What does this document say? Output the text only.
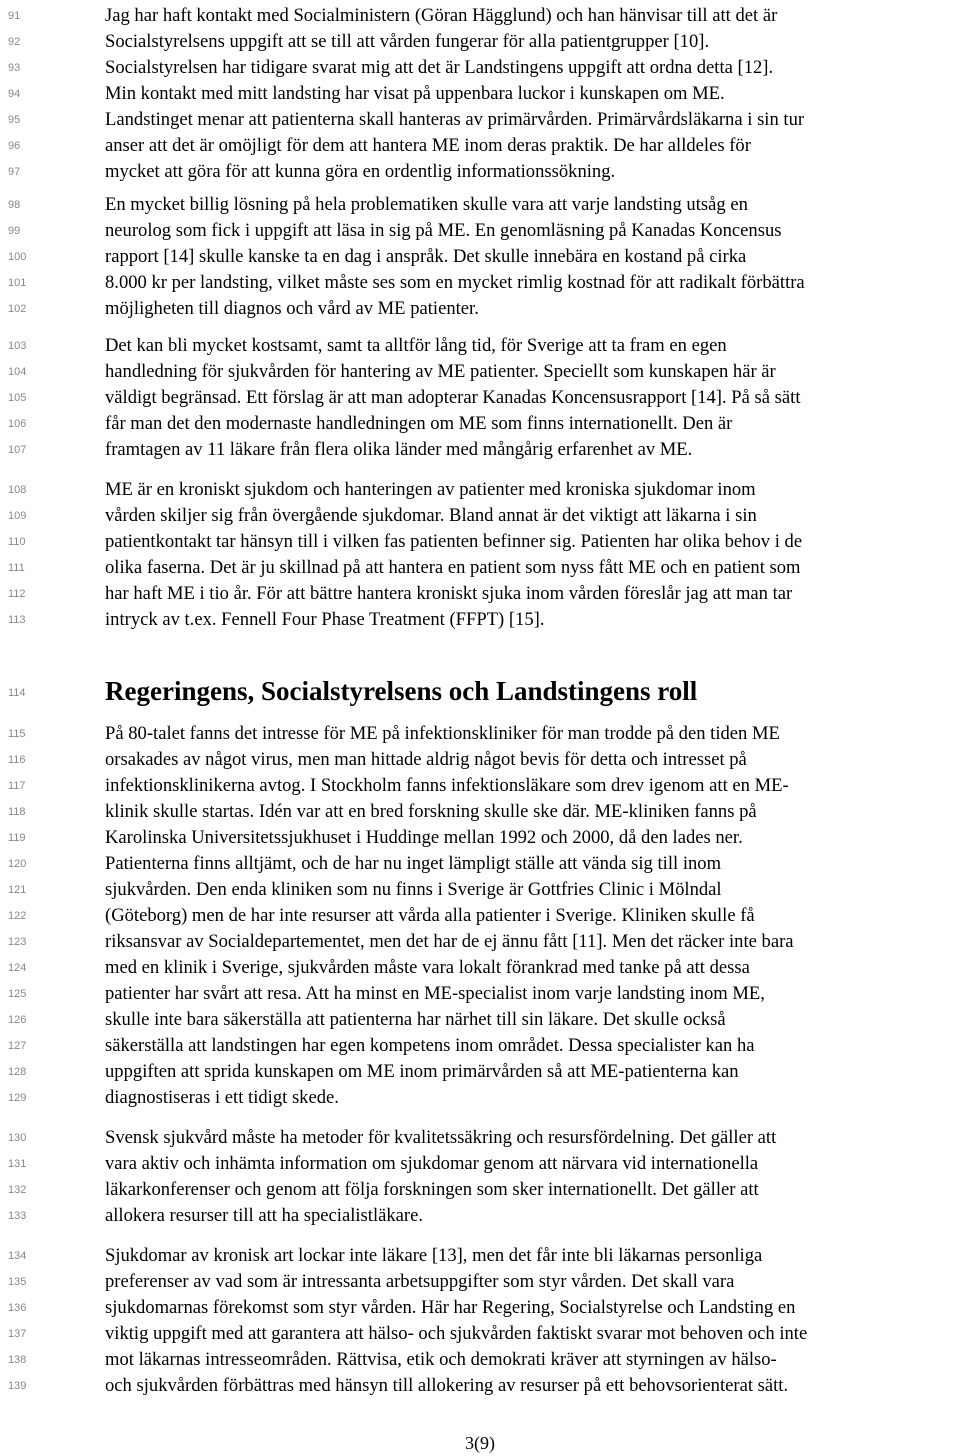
91	Jag har haft kontakt med Socialministern (Göran Hägglund) och han hänvisar till att det är
92	Socialstyrelsens uppgift att se till att vården fungerar för alla patientgrupper [10].
93	Socialstyrelsen har tidigare svarat mig att det är Landstingens uppgift att ordna detta [12].
94	Min kontakt med mitt landsting har visat på uppenbara luckor i kunskapen om ME.
95	Landstinget menar att patienterna skall hanteras av primärvården. Primärvårdsläkarna i sin tur
96	anser att det är omöjligt för dem att hantera ME inom deras praktik. De har alldeles för
97	mycket att göra för att kunna göra en ordentlig informationssökning.
98	En mycket billig lösning på hela problematiken skulle vara att varje landsting utsåg en
99	neurolog som fick i uppgift att läsa in sig på ME. En genomläsning på Kanadas Koncensus
100	rapport [14] skulle kanske ta en dag i anspråk. Det skulle innebära en kostand på cirka
101	8.000 kr per landsting, vilket måste ses som en mycket rimlig kostnad för att radikalt förbättra
102	möjligheten till diagnos och vård av ME patienter.
103	Det kan bli mycket kostsamt, samt ta alltför lång tid, för Sverige att ta fram en egen
104	handledning för sjukvården för hantering av ME patienter. Speciellt som kunskapen här är
105	väldigt begränsad. Ett förslag är att man adopterar Kanadas Koncensusrapport [14]. På så sätt
106	får man det den modernaste handledningen om ME som finns internationellt. Den är
107	framtagen av 11 läkare från flera olika länder med mångårig erfarenhet av ME.
108	ME är en kroniskt sjukdom och hanteringen av patienter med kroniska sjukdomar inom
109	vården skiljer sig från övergående sjukdomar. Bland annat är det viktigt att läkarna i sin
110	patientkontakt tar hänsyn till i vilken fas patienten befinner sig. Patienten har olika behov i de
111	olika faserna. Det är ju skillnad på att hantera en patient som nyss fått ME och en patient som
112	har haft ME i tio år. För att bättre hantera kroniskt sjuka inom vården föreslår jag att man tar
113	intryck av t.ex. Fennell Four Phase Treatment (FFPT) [15].
114	Regeringens, Socialstyrelsens och Landstingens roll
115	På 80-talet fanns det intresse för ME på infektionskliniker för man trodde på den tiden ME
116	orsakades av något virus, men man hittade aldrig något bevis för detta och intresset på
117	infektionsklinikerna avtog. I Stockholm fanns infektionsläkare som drev igenom att en ME-
118	klinik skulle startas. Idén var att en bred forskning skulle ske där. ME-kliniken fanns på
119	Karolinska Universitetssjukhuset i Huddinge mellan 1992 och 2000, då den lades ner.
120	Patienterna finns alltjämt, och de har nu inget lämpligt ställe att vända sig till inom
121	sjukvården. Den enda kliniken som nu finns i Sverige är Gottfries Clinic i Mölndal
122	(Göteborg) men de har inte resurser att vårda alla patienter i Sverige. Kliniken skulle få
123	riksansvar av Socialdepartementet, men det har de ej ännu fått [11]. Men det räcker inte bara
124	med en klinik i Sverige, sjukvården måste vara lokalt förankrad med tanke på att dessa
125	patienter har svårt att resa. Att ha minst en ME-specialist inom varje landsting inom ME,
126	skulle inte bara säkerställa att patienterna har närhet till sin läkare. Det skulle också
127	säkerställa att landstingen har egen kompetens inom området. Dessa specialister kan ha
128	uppgiften att sprida kunskapen om ME inom primärvården så att ME-patienterna kan
129	diagnostiseras i ett tidigt skede.
130	Svensk sjukvård måste ha metoder för kvalitetssäkring och resursfördelning. Det gäller att
131	vara aktiv och inhämta information om sjukdomar genom att närvara vid internationella
132	läkarkonferenser och genom att följa forskningen som sker internationellt. Det gäller att
133	allokera resurser till att ha specialistläkare.
134	Sjukdomar av kronisk art lockar inte läkare [13], men det får inte bli läkarnas personliga
135	preferenser av vad som är intressanta arbetsuppgifter som styr vården. Det skall vara
136	sjukdomarnas förekomst som styr vården. Här har Regering, Socialstyrelse och Landsting en
137	viktig uppgift med att garantera att hälso- och sjukvården faktiskt svarar mot behoven och inte
138	mot läkarnas intresseområden. Rättvisa, etik och demokrati kräver att styrningen av hälso-
139	och sjukvården förbättras med hänsyn till allokering av resurser på ett behovsorienterat sätt.
3(9)
